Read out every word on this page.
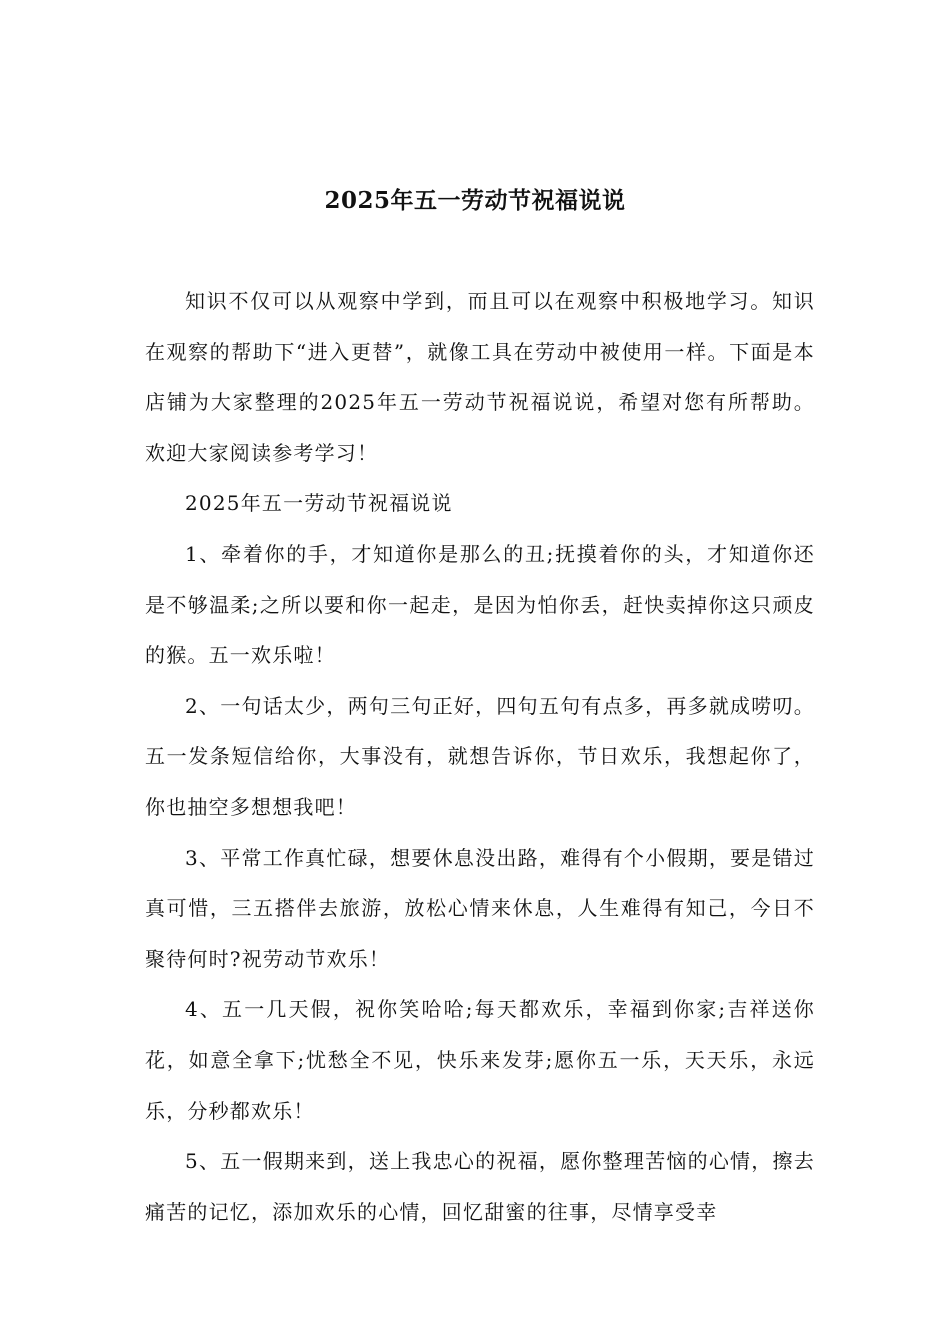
2025年五一劳动节祝福说说

知识不仅可以从观察中学到，而且可以在观察中积极地学习。知识在观察的帮助下“进入更替”，就像工具在劳动中被使用一样。下面是本店铺为大家整理的2025年五一劳动节祝福说说，希望对您有所帮助。欢迎大家阅读参考学习！

2025年五一劳动节祝福说说

1、牵着你的手，才知道你是那么的丑;抚摸着你的头，才知道你还是不够温柔;之所以要和你一起走，是因为怕你丢，赶快卖掉你这只顽皮的猴。五一欢乐啦！

2、一句话太少，两句三句正好，四句五句有点多，再多就成唠叨。五一发条短信给你，大事没有，就想告诉你，节日欢乐，我想起你了，你也抽空多想想我吧！

3、平常工作真忙碌，想要休息没出路，难得有个小假期，要是错过真可惜，三五搭伴去旅游，放松心情来休息，人生难得有知己，今日不聚待何时?祝劳动节欢乐！

4、五一几天假，祝你笑哈哈;每天都欢乐，幸福到你家;吉祥送你花，如意全拿下;忧愁全不见，快乐来发芽;愿你五一乐，天天乐，永远乐，分秒都欢乐！

5、五一假期来到，送上我忠心的祝福，愿你整理苦恼的心情，擦去痛苦的记忆，添加欢乐的心情，回忆甜蜜的往事，尽情享受幸
